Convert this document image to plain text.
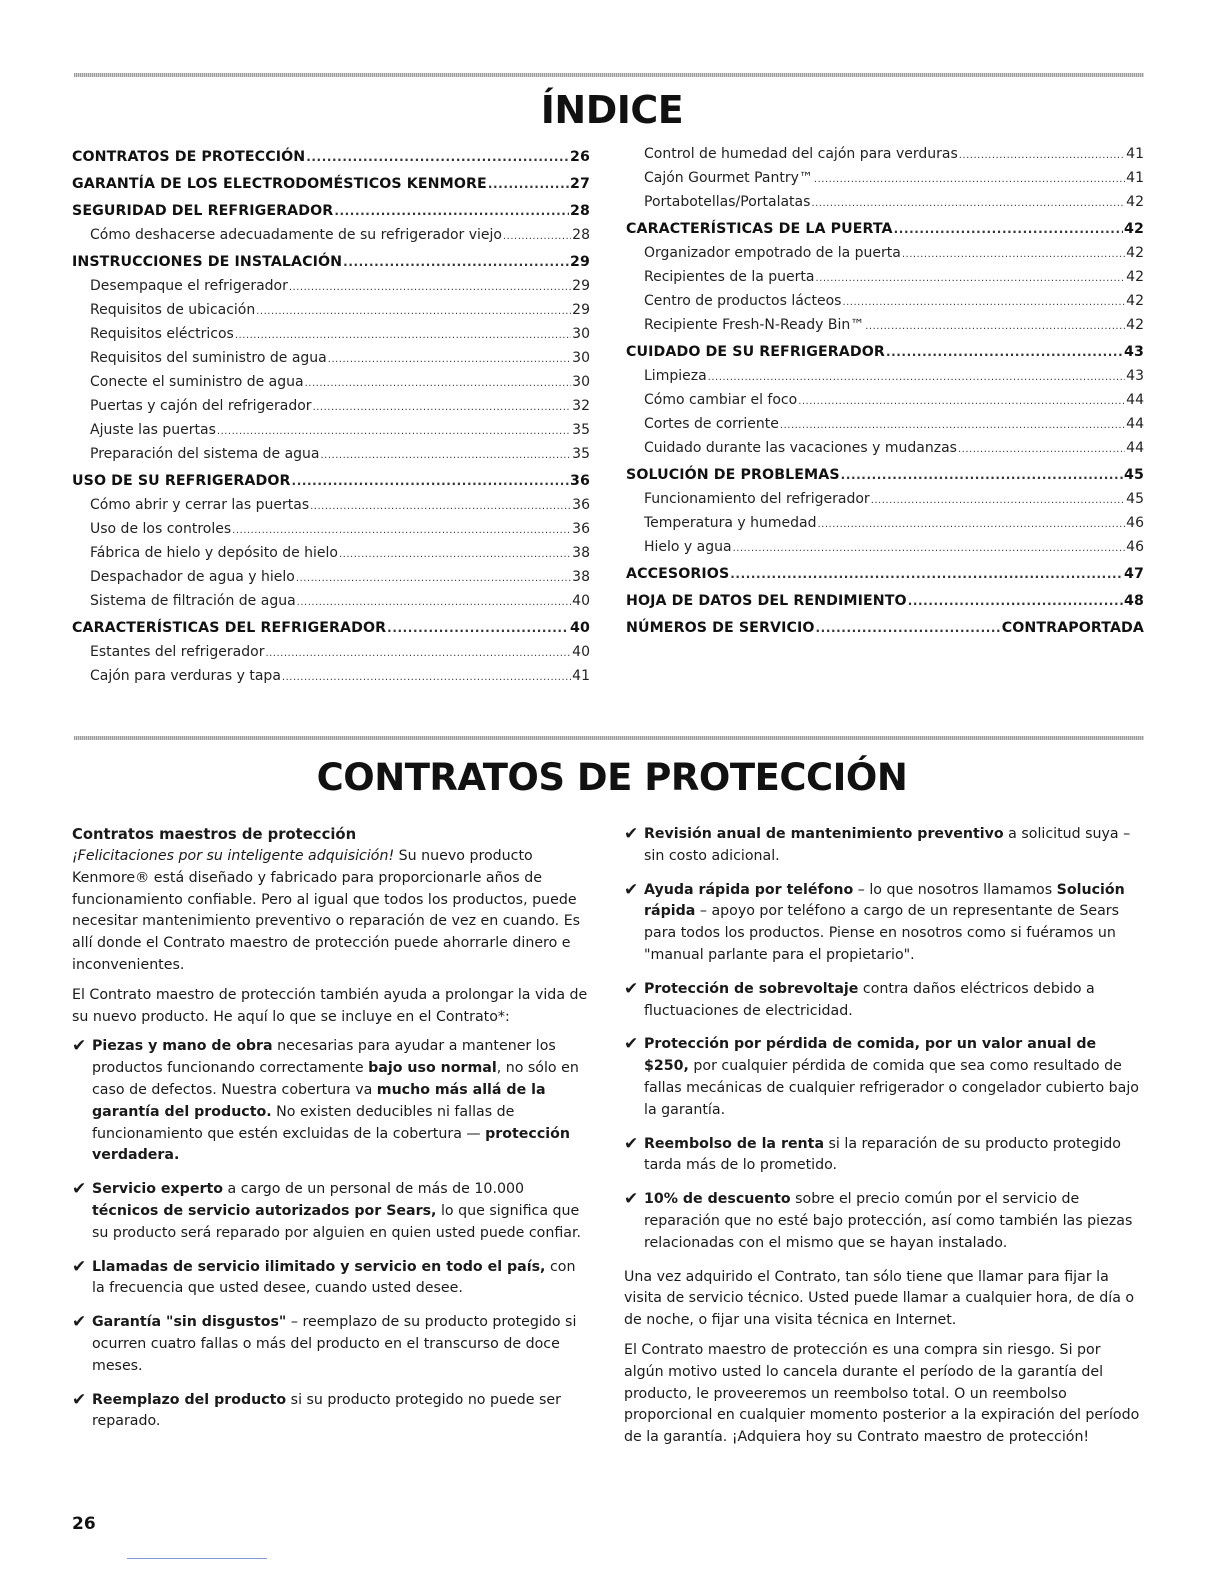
ÍNDICE
CONTRATOS DE PROTECCIÓN .....	26
GARANTÍA DE LOS ELECTRODOMÉSTICOS KENMORE .....	27
SEGURIDAD DEL REFRIGERADOR .....	28
Cómo deshacerse adecuadamente de su refrigerador viejo .....	28
INSTRUCCIONES DE INSTALACIÓN .....	29
Desempaque el refrigerador .....	29
Requisitos de ubicación .....	29
Requisitos eléctricos .....	30
Requisitos del suministro de agua .....	30
Conecte el suministro de agua .....	30
Puertas y cajón del refrigerador .....	32
Ajuste las puertas .....	35
Preparación del sistema de agua .....	35
USO DE SU REFRIGERADOR .....	36
Cómo abrir y cerrar las puertas .....	36
Uso de los controles .....	36
Fábrica de hielo y depósito de hielo .....	38
Despachador de agua y hielo .....	38
Sistema de filtración de agua .....	40
CARACTERÍSTICAS DEL REFRIGERADOR .....	40
Estantes del refrigerador .....	40
Cajón para verduras y tapa .....	41
Control de humedad del cajón para verduras .....	41
Cajón Gourmet Pantry™ .....	41
Portabotellas/Portalatas .....	42
CARACTERÍSTICAS DE LA PUERTA .....	42
Organizador empotrado de la puerta .....	42
Recipientes de la puerta .....	42
Centro de productos lácteos .....	42
Recipiente Fresh-N-Ready Bin™ .....	42
CUIDADO DE SU REFRIGERADOR .....	43
Limpieza .....	43
Cómo cambiar el foco .....	44
Cortes de corriente .....	44
Cuidado durante las vacaciones y mudanzas .....	44
SOLUCIÓN DE PROBLEMAS .....	45
Funcionamiento del refrigerador .....	45
Temperatura y humedad .....	46
Hielo y agua .....	46
ACCESORIOS .....	47
HOJA DE DATOS DEL RENDIMIENTO .....	48
NÚMEROS DE SERVICIO .....	CONTRAPORTADA
CONTRATOS DE PROTECCIÓN
Contratos maestros de protección

¡Felicitaciones por su inteligente adquisición! Su nuevo producto Kenmore® está diseñado y fabricado para proporcionarle años de funcionamiento confiable. Pero al igual que todos los productos, puede necesitar mantenimiento preventivo o reparación de vez en cuando. Es allí donde el Contrato maestro de protección puede ahorrarle dinero e inconvenientes.

El Contrato maestro de protección también ayuda a prolongar la vida de su nuevo producto. He aquí lo que se incluye en el Contrato*:

✔ Piezas y mano de obra necesarias para ayudar a mantener los productos funcionando correctamente bajo uso normal, no sólo en caso de defectos. Nuestra cobertura va mucho más allá de la garantía del producto. No existen deducibles ni fallas de funcionamiento que estén excluidas de la cobertura — protección verdadera.
✔ Servicio experto a cargo de un personal de más de 10.000 técnicos de servicio autorizados por Sears, lo que significa que su producto será reparado por alguien en quien usted puede confiar.
✔ Llamadas de servicio ilimitado y servicio en todo el país, con la frecuencia que usted desee, cuando usted desee.
✔ Garantía "sin disgustos" – reemplazo de su producto protegido si ocurren cuatro fallas o más del producto en el transcurso de doce meses.
✔ Reemplazo del producto si su producto protegido no puede ser reparado.
✔ Revisión anual de mantenimiento preventivo a solicitud suya – sin costo adicional.
✔ Ayuda rápida por teléfono – lo que nosotros llamamos Solución rápida – apoyo por teléfono a cargo de un representante de Sears para todos los productos. Piense en nosotros como si fuéramos un "manual parlante para el propietario".
✔ Protección de sobrevoltaje contra daños eléctricos debido a fluctuaciones de electricidad.
✔ Protección por pérdida de comida, por un valor anual de $250, por cualquier pérdida de comida que sea como resultado de fallas mecánicas de cualquier refrigerador o congelador cubierto bajo la garantía.
✔ Reembolso de la renta si la reparación de su producto protegido tarda más de lo prometido.
✔ 10% de descuento sobre el precio común por el servicio de reparación que no esté bajo protección, así como también las piezas relacionadas con el mismo que se hayan instalado.

Una vez adquirido el Contrato, tan sólo tiene que llamar para fijar la visita de servicio técnico. Usted puede llamar a cualquier hora, de día o de noche, o fijar una visita técnica en Internet.

El Contrato maestro de protección es una compra sin riesgo. Si por algún motivo usted lo cancela durante el período de la garantía del producto, le proveeremos un reembolso total. O un reembolso proporcional en cualquier momento posterior a la expiración del período de la garantía. ¡Adquiera hoy su Contrato maestro de protección!

26
